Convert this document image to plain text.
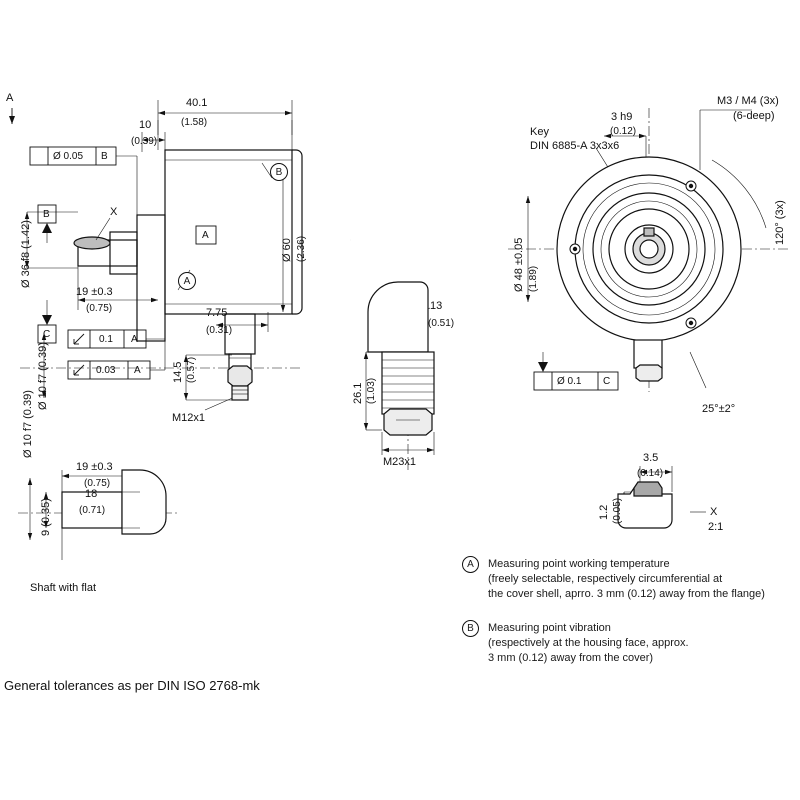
A	40.1
(1.58)
10
(0.39)
Ø 60 (2.36)
Ø 36 f8 (1.42)
Ø 10 f7 (0.39)
19 ±0.3
(0.75)	7.75
(0.31)
14.5 (0.57)
M12x1
Ø 0.05 B
B
C	0.1 A
0.03 A
A
X
B
A
13
(0.51)
26.1 (1.03)
M23x1
Key
DIN 6885-A 3x3x6
3 h9
(0.12)
M3 / M4 (3x)
(6-deep)
120° (3x)
Ø 48 ±0.05 (1.89)
Ø 0.1 C
25°±2°
Ø 10 f7 (0.39)
9 (0.35)
19 ±0.3
(0.75)
18
(0.71)
Shaft with flat
3.5
(0.14)
1.2 (0.05)	X
2:1
A	Measuring point working temperature
(freely selectable, respectively circumferential at
the cover shell, aprro. 3 mm (0.12) away from the flange)
B	Measuring point vibration
(respectively at the housing face, approx.
3 mm (0.12) away from the cover)
General tolerances as per DIN ISO 2768-mk
